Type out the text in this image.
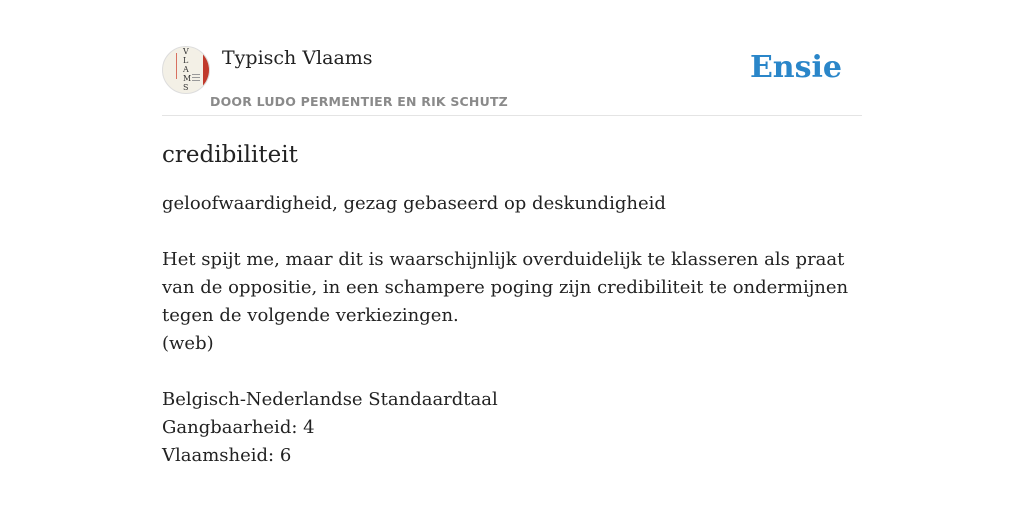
V
L
A
M
S
Typisch Vlaams
DOOR LUDO PERMENTIER EN RIK SCHUTZ
Ensie
credibiliteit

geloofwaardigheid, gezag gebaseerd op deskundigheid

Het spijt me, maar dit is waarschijnlijk overduidelijk te klasseren als praat van de oppositie, in een schampere poging zijn credibiliteit te ondermijnen tegen de volgende verkiezingen.

(web)

Belgisch-Nederlandse Standaardtaal

Gangbaarheid: 4

Vlaamsheid: 6
